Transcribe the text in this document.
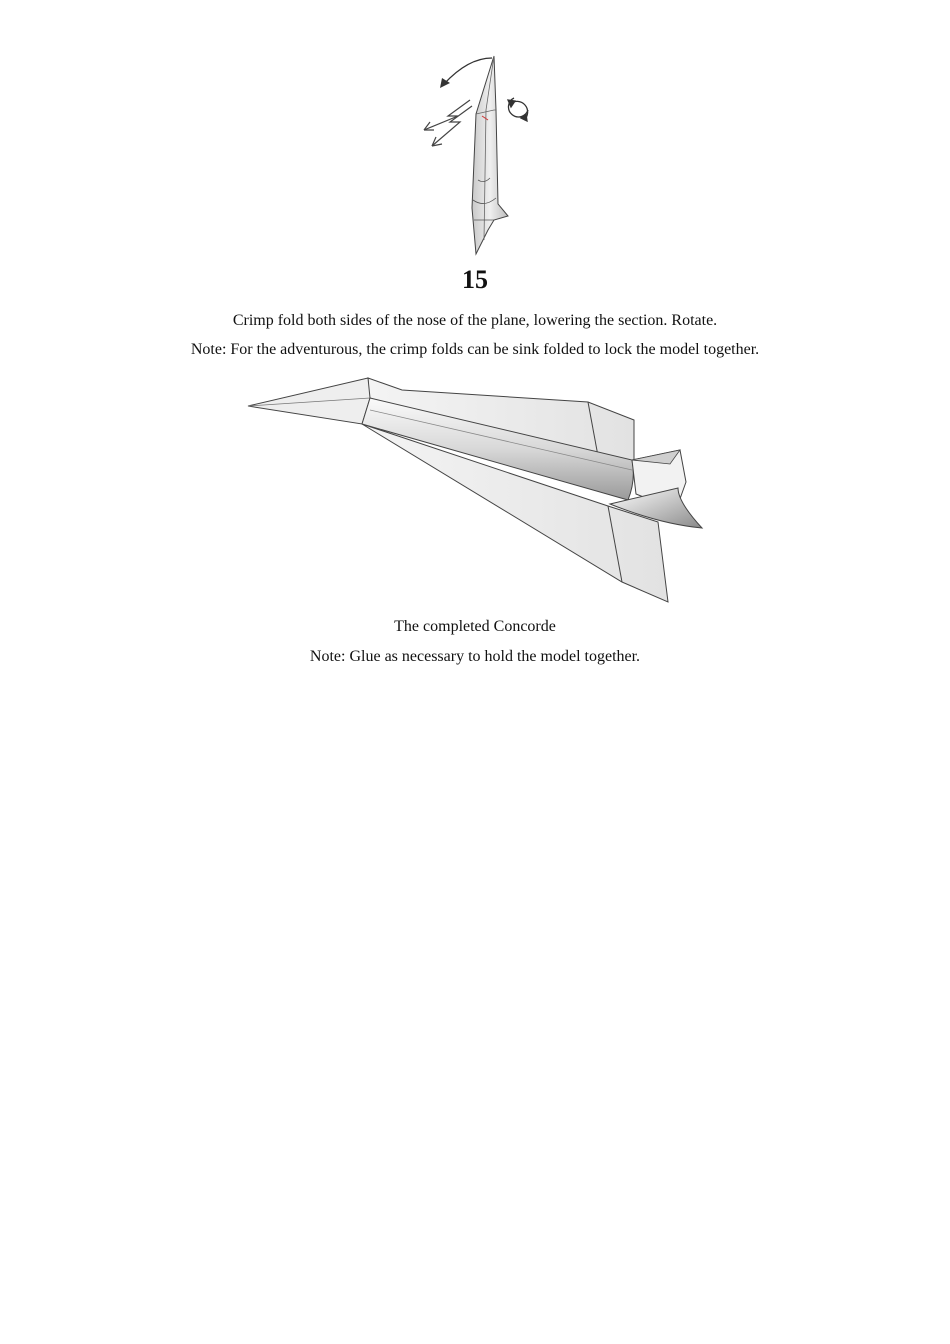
15
Crimp fold both sides of the nose of the plane, lowering the section. Rotate.
Note: For the adventurous, the crimp folds can be sink folded to lock the model together.
The completed Concorde
Note: Glue as necessary to hold the model together.
